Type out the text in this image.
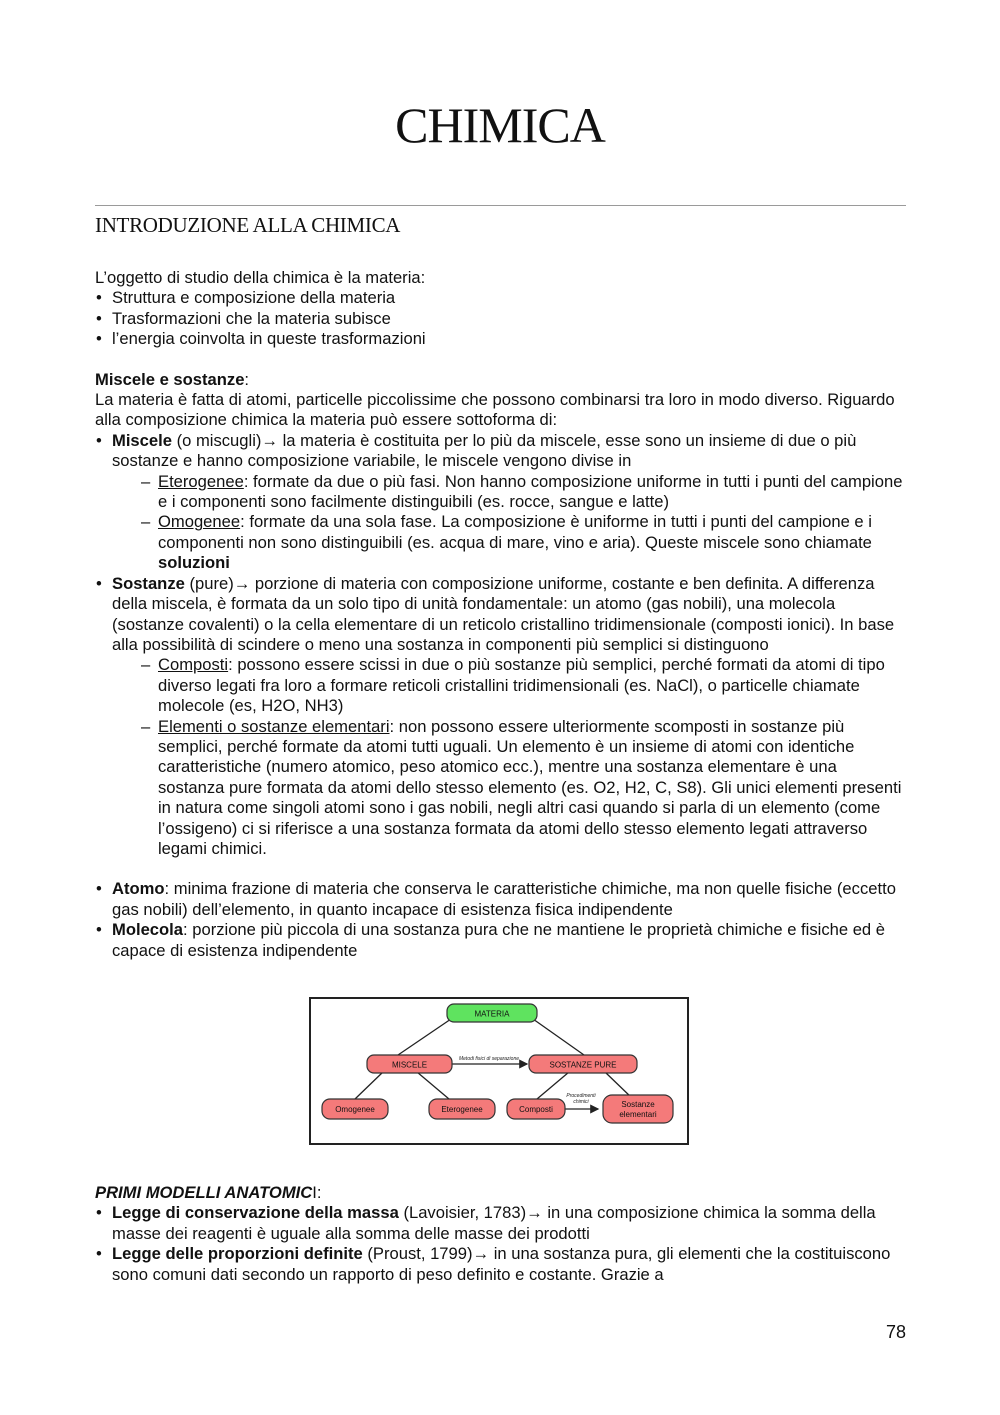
CHIMICA
INTRODUZIONE ALLA CHIMICA

L’oggetto di studio della chimica è la materia:

• Struttura e composizione della materia
• Trasformazioni che la materia subisce
• l’energia coinvolta in queste trasformazioni

Miscele e sostanze:

La materia è fatta di atomi, particelle piccolissime che possono combinarsi tra loro in modo diverso. Riguardo alla composizione chimica la materia può essere sottoforma di:

• Miscele (o miscugli)→ la materia è costituita per lo più da miscele, esse sono un insieme di due o più sostanze e hanno composizione variabile, le miscele vengono divise in
– Eterogenee: formate da due o più fasi. Non hanno composizione uniforme in tutti i punti del campione e i componenti sono facilmente distinguibili (es. rocce, sangue e latte)
– Omogenee: formate da una sola fase. La composizione è uniforme in tutti i punti del campione e i componenti non sono distinguibili (es. acqua di mare, vino e aria). Queste miscele sono chiamate soluzioni
• Sostanze (pure)→ porzione di materia con composizione uniforme, costante e ben definita. A differenza della miscela, è formata da un solo tipo di unità fondamentale: un atomo (gas nobili), una molecola (sostanze covalenti) o la cella elementare di un reticolo cristallino tridimensionale (composti ionici). In base alla possibilità di scindere o meno una sostanza in componenti più semplici si distinguono
– Composti: possono essere scissi in due o più sostanze più semplici, perché formati da atomi di tipo diverso legati fra loro a formare reticoli cristallini tridimensionali (es. NaCl), o particelle chiamate molecole (es, H2O, NH3)
– Elementi o sostanze elementari: non possono essere ulteriormente scomposti in sostanze più semplici, perché formate da atomi tutti uguali. Un elemento è un insieme di atomi con identiche caratteristiche (numero atomico, peso atomico ecc.), mentre una sostanza elementare è una sostanza pure formata da atomi dello stesso elemento (es. O2, H2, C, S8). Gli unici elementi presenti in natura come singoli atomi sono i gas nobili, negli altri casi quando si parla di un elemento (come l’ossigeno) ci si riferisce a una sostanza formata da atomi dello stesso elemento legati attraverso legami chimici.
• Atomo: minima frazione di materia che conserva le caratteristiche chimiche, ma non quelle fisiche (eccetto gas nobili) dell’elemento, in quanto incapace di esistenza fisica indipendente
• Molecola: porzione più piccola di una sostanza pura che ne mantiene le proprietà chimiche e fisiche ed è capace di esistenza indipendente
MATERIA
MISCELE	SOSTANZE PURE
Metodi fisici di separazione
Omogenee	Eterogenee	Composti
Procedimenti
chimici	Sostanze
elementari

PRIMI MODELLI ANATOMICI:

• Legge di conservazione della massa (Lavoisier, 1783)→ in una composizione chimica la somma della masse dei reagenti è uguale alla somma delle masse dei prodotti
• Legge delle proporzioni definite (Proust, 1799)→ in una sostanza pura, gli elementi che la costituiscono sono comuni dati secondo un rapporto di peso definito e costante. Grazie a
78
